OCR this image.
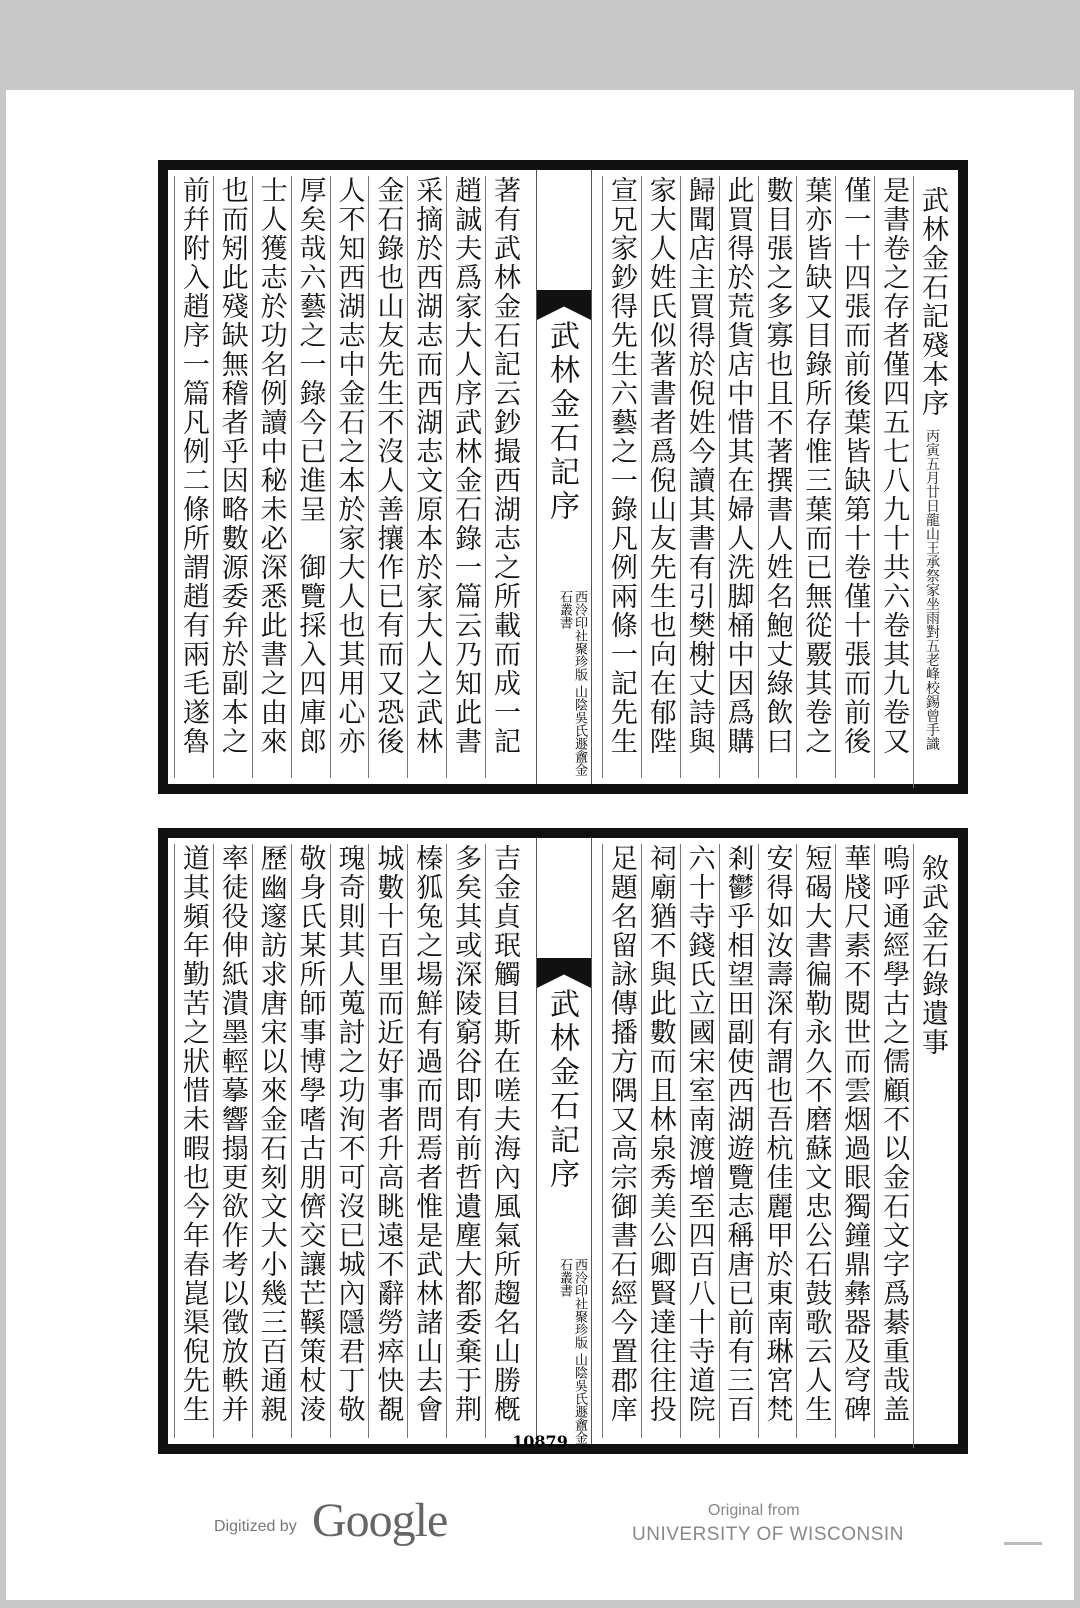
武林金石記殘本序 丙寅五月廿日龍山王承祭家坐雨對五老峰校錫曾手識
是書卷之存者僅四五七八九十共六卷其九卷又
僅一十四張而前後葉皆缺第十卷僅十張而前後
葉亦皆缺又目錄所存惟三葉而已無從覈其卷之
數目張之多寡也且不著撰書人姓名鮑丈綠飲曰
此買得於荒貨店中惜其在婦人洗脚桶中因爲購
歸聞店主買得於倪姓今讀其書有引樊榭丈詩與
家大人姓氏似著書者爲倪山友先生也向在郁陛
宣兄家鈔得先生六藝之一錄凡例兩條一記先生
武林金石記序
西泠印社聚珍版 山陰吳氏遯盦金石叢書
著有武林金石記云鈔撮西湖志之所載而成一記
趙誠夫爲家大人序武林金石錄一篇云乃知此書
采摘於西湖志而西湖志文原本於家大人之武林
金石錄也山友先生不沒人善攘作已有而又恐後
人不知西湖志中金石之本於家大人也其用心亦
厚矣哉六藝之一錄今已進呈　御覽採入四庫郎
士人獲志於功名例讀中秘未必深悉此書之由來
也而矧此殘缺無稽者乎因略數源委弁於副本之
前幷附入趙序一篇凡例二條所謂趙有兩毛遂魯
敘武金石錄遺事
嗚呼通經學古之儒顧不以金石文字爲綦重哉盖
華牋尺素不閱世而雲烟過眼獨鐘鼎彝器及穹碑
短碣大書徧勒永久不磨蘇文忠公石鼓歌云人生
安得如汝壽深有謂也吾杭佳麗甲於東南琳宮梵
剎鬱乎相望田副使西湖遊覽志稱唐已前有三百
六十寺錢氏立國宋室南渡增至四百八十寺道院
祠廟猶不與此數而且林泉秀美公卿賢達往往投
足題名留詠傳播方隅又高宗御書石經今置郡庠
武林金石記序
西泠印社聚珍版 山陰吳氏遯盦金石叢書
吉金貞珉觸目斯在嗟夫海內風氣所趨名山勝槪
多矣其或深陵窮谷即有前哲遺塵大都委棄于荆
榛狐兔之場鮮有過而問焉者惟是武林諸山去會
城數十百里而近好事者升高眺遠不辭勞瘁快覩
瑰奇則其人蒐討之功洵不可沒已城內隱君丁敬
敬身氏某所師事博學嗜古朋儕交讓芒鞵策杖淩
歷幽邃訪求唐宋以來金石刻文大小幾三百通親
率徒役伸紙潰墨輕摹響搨更欲作考以徵放軼并
道其頻年勤苦之狀惜未暇也今年春崑渠倪先生
10879
Digitized by Google	Original from
UNIVERSITY OF WISCONSIN
